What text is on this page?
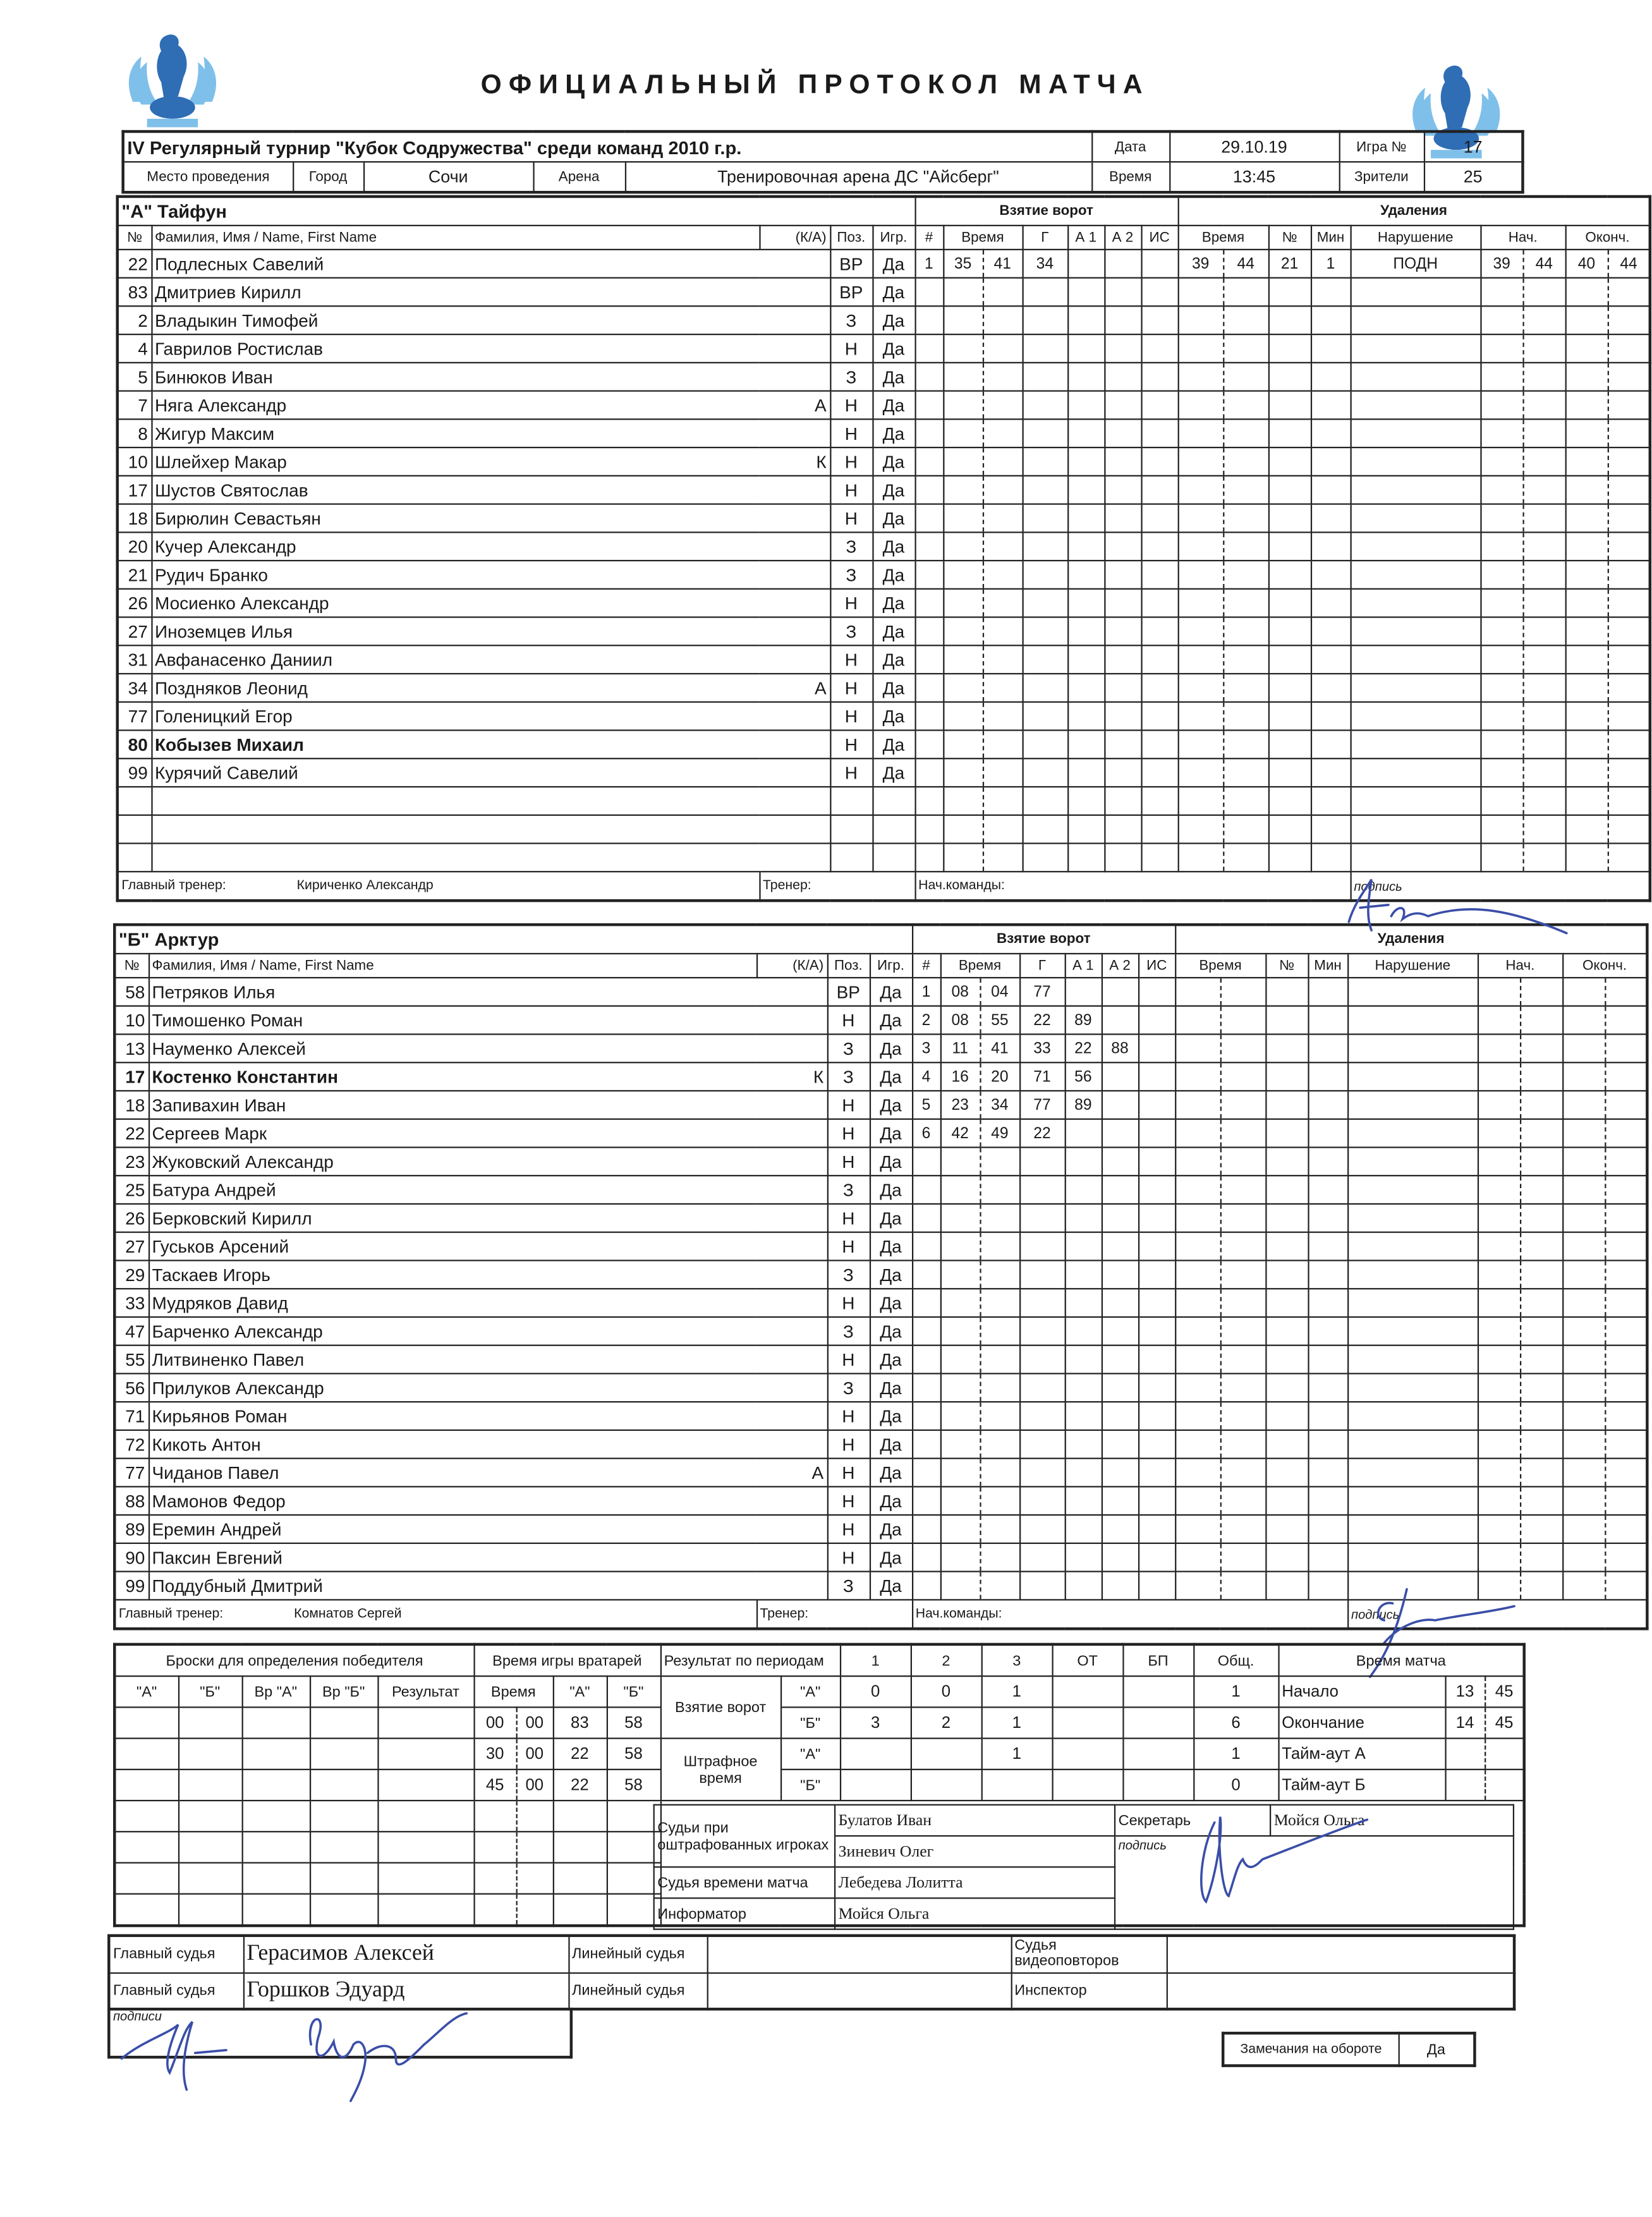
ОФИЦИАЛЬНЫЙ ПРОТОКОЛ МАТЧА
IV Регулярный турнир "Кубок Содружества" среди команд 2010 г.р.					Дата	29.10.19	Игра №	17
Место проведения	Город	Сочи	Арена	Тренировочная арена ДС "Айсберг"	Время	13:45	Зрители	25
"А" Тайфун					Взятие ворот							Удаления								
№	Фамилия, Имя / Name, First Name	(К/А)	Поз.	Игр.	#	Время		Г	А 1	А 2	ИС	Время		№	Мин	Нарушение	Нач.		Оконч.	
22	Подлесных Савелий		ВР	Да	1	35	41	34				39	44	21	1	ПОДН	39	44	40	44
83	Дмитриев Кирилл		ВР	Да																
2	Владыкин Тимофей		З	Да																
4	Гаврилов Ростислав		Н	Да																
5	Бинюков Иван		З	Да																
7	Няга Александр	А	Н	Да																
8	Жигур Максим		Н	Да																
10	Шлейхер Макар	К	Н	Да																
17	Шустов Святослав		Н	Да																
18	Бирюлин Севастьян		Н	Да																
20	Кучер Александр		З	Да																
21	Рудич Бранко		З	Да																
26	Мосиенко Александр		Н	Да																
27	Иноземцев Илья		З	Да																
31	Авфанасенко Даниил		Н	Да																
34	Поздняков Леонид	А	Н	Да																
77	Голеницкий Егор		Н	Да																
80	Кобызев Михаил		Н	Да																
99	Курячий Савелий		Н	Да																

Главный тренер: Кириченко Александр		Тренер:			Нач.команды:											подпись				
"Б" Арктур					Взятие ворот							Удаления								
№	Фамилия, Имя / Name, First Name	(К/А)	Поз.	Игр.	#	Время		Г	А 1	А 2	ИС	Время		№	Мин	Нарушение	Нач.		Оконч.	
58	Петряков Илья		ВР	Да	1	08	04	77												
10	Тимошенко Роман		Н	Да	2	08	55	22	89											
13	Науменко Алексей		З	Да	3	11	41	33	22	88										
17	Костенко Константин	К	З	Да	4	16	20	71	56											
18	Запивахин Иван		Н	Да	5	23	34	77	89											
22	Сергеев Марк		Н	Да	6	42	49	22												
23	Жуковский Александр		Н	Да																
25	Батура Андрей		З	Да																
26	Берковский Кирилл		Н	Да																
27	Гуськов Арсений		Н	Да																
29	Таскаев Игорь		З	Да																
33	Мудряков Давид		Н	Да																
47	Барченко Александр		З	Да																
55	Литвиненко Павел		Н	Да																
56	Прилуков Александр		З	Да																
71	Кирьянов Роман		Н	Да																
72	Кикоть Антон		Н	Да																
77	Чиданов Павел	А	Н	Да																
88	Мамонов Федор		Н	Да																
89	Еремин Андрей		Н	Да																
90	Паксин Евгений		Н	Да																
99	Поддубный Дмитрий		З	Да																
Главный тренер: Комнатов Сергей		Тренер:			Нач.команды:											подпись				
Броски для определения победителя					Время игры вратарей				Результат по периодам		1	2	3	ОТ	БП	Общ.	Время матча		
"А"	"Б"	Вр "А"	Вр "Б"	Результат	Время		"А"	"Б"	Взятие ворот	"А"	0	0	1			1	Начало	13	45
					00	00	83	58		"Б"	3	2	1			6	Окончание	14	45
					30	00	22	58	Штрафное время	"А"			1			1	Тайм-аут А		
					45	00	22	58		"Б"						0	Тайм-аут Б		

Судьи при оштрафованных игроках	Булатов Иван	Секретарь	Мойся Ольга
	Зиневич Олег	подпись	

Судья времени матча	Лебедева Лолитта		
Информатор	Мойся Ольга		
Главный судья	Герасимов Алексей	Линейный судья		Судья видеоповторов	
Главный судья	Горшков Эдуард	Линейный судья		Инспектор	
подписи
Замечания на обороте	Да
